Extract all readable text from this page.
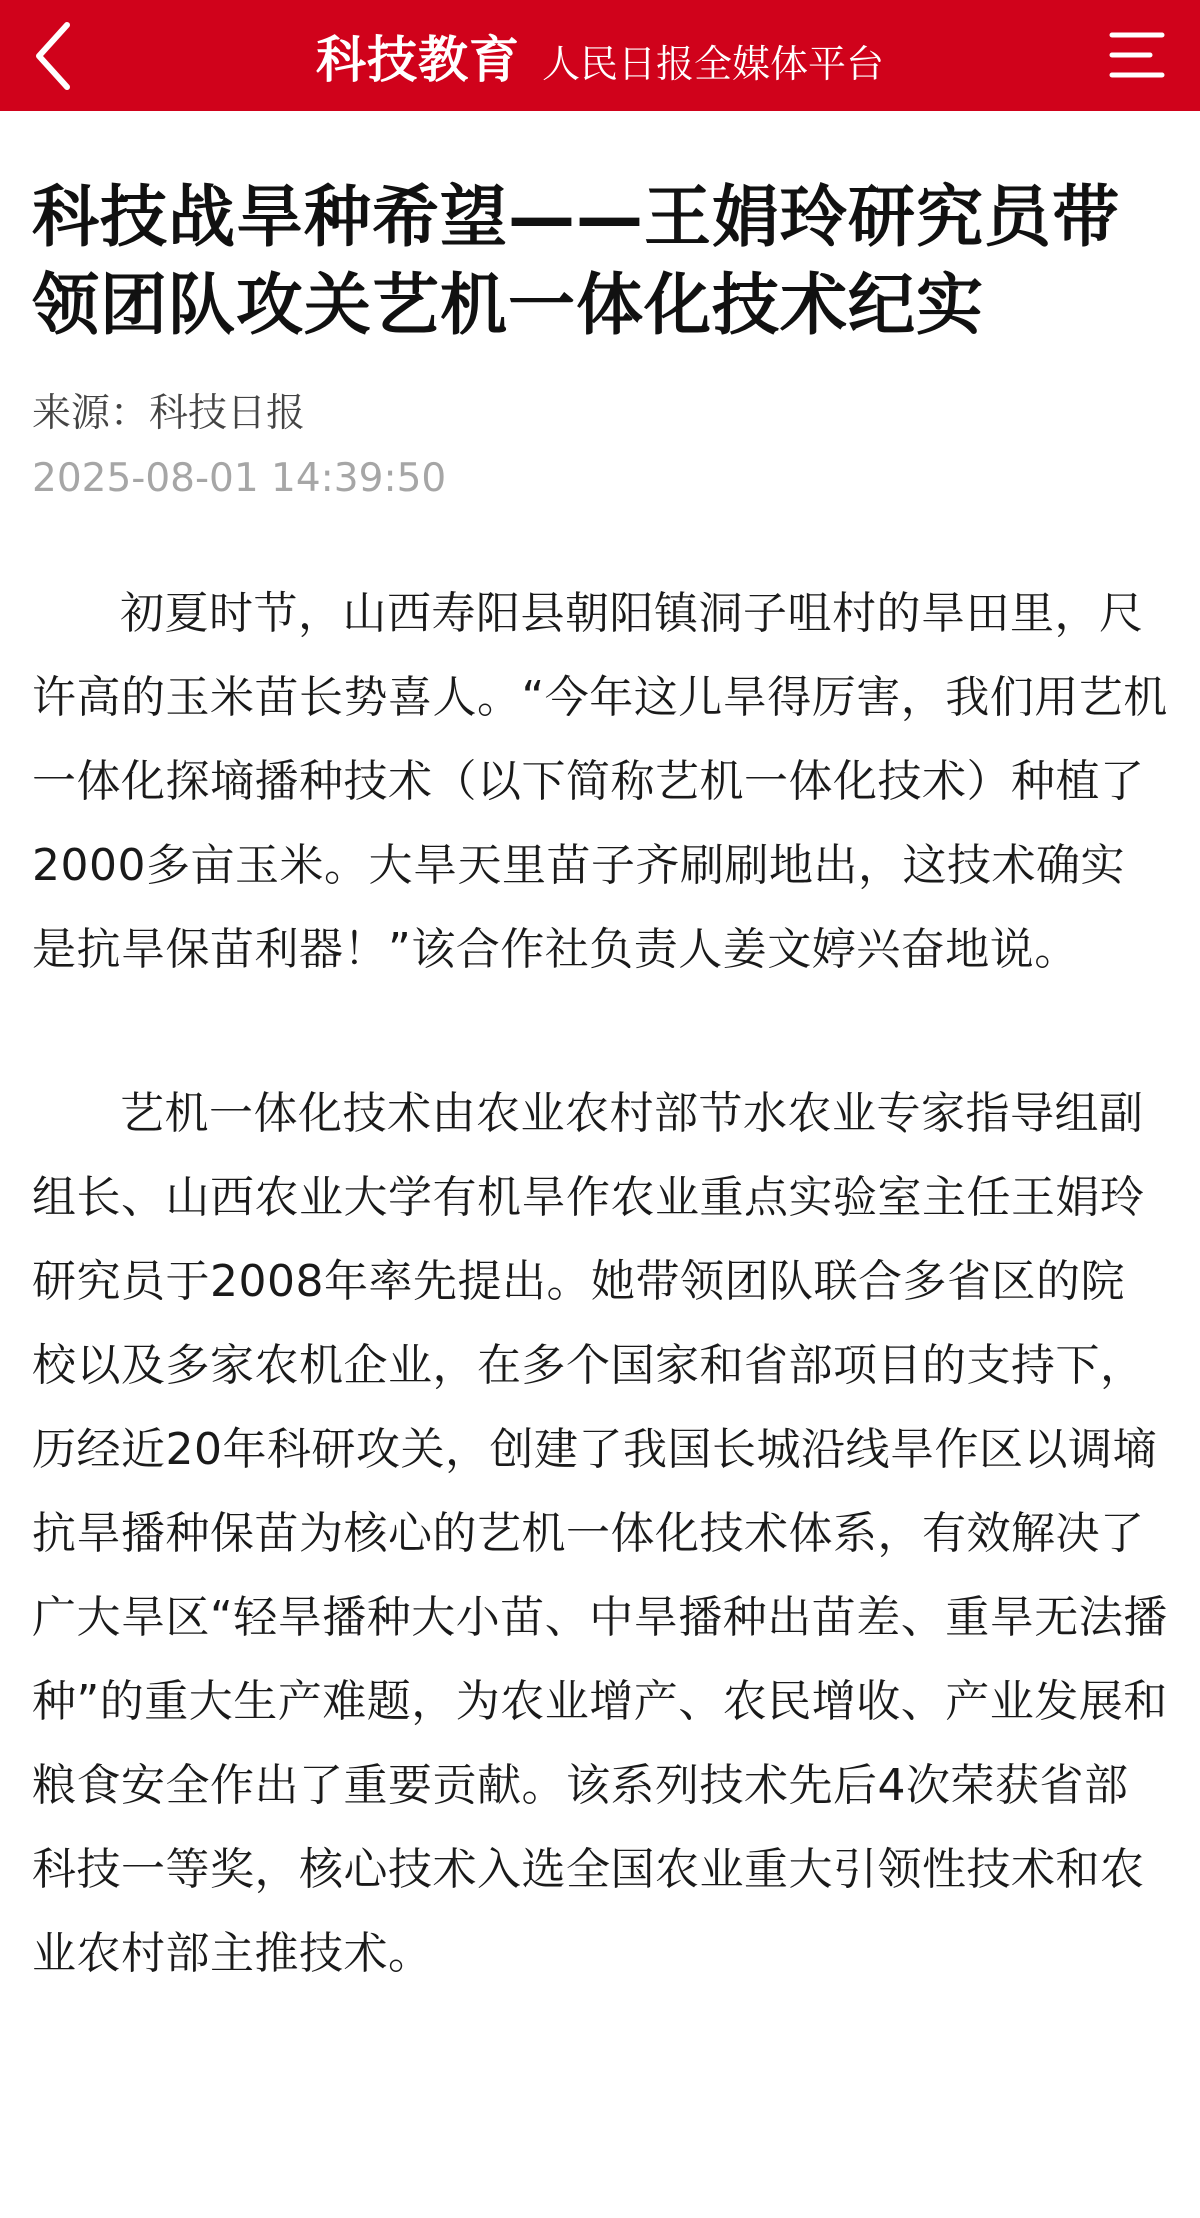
科技教育 人民日报全媒体平台
科技战旱种希望——王娟玲研究员带领团队攻关艺机一体化技术纪实
来源：科技日报
2025-08-01 14:39:50

初夏时节，山西寿阳县朝阳镇洞子咀村的旱田里，尺许高的玉米苗长势喜人。“今年这儿旱得厉害，我们用艺机一体化探墒播种技术（以下简称艺机一体化技术）种植了2000多亩玉米。大旱天里苗子齐刷刷地出，这技术确实是抗旱保苗利器！”该合作社负责人姜文婷兴奋地说。

艺机一体化技术由农业农村部节水农业专家指导组副组长、山西农业大学有机旱作农业重点实验室主任王娟玲研究员于2008年率先提出。她带领团队联合多省区的院校以及多家农机企业，在多个国家和省部项目的支持下，历经近20年科研攻关，创建了我国长城沿线旱作区以调墒抗旱播种保苗为核心的艺机一体化技术体系，有效解决了广大旱区“轻旱播种大小苗、中旱播种出苗差、重旱无法播种”的重大生产难题，为农业增产、农民增收、产业发展和粮食安全作出了重要贡献。该系列技术先后4次荣获省部科技一等奖，核心技术入选全国农业重大引领性技术和农业农村部主推技术。
